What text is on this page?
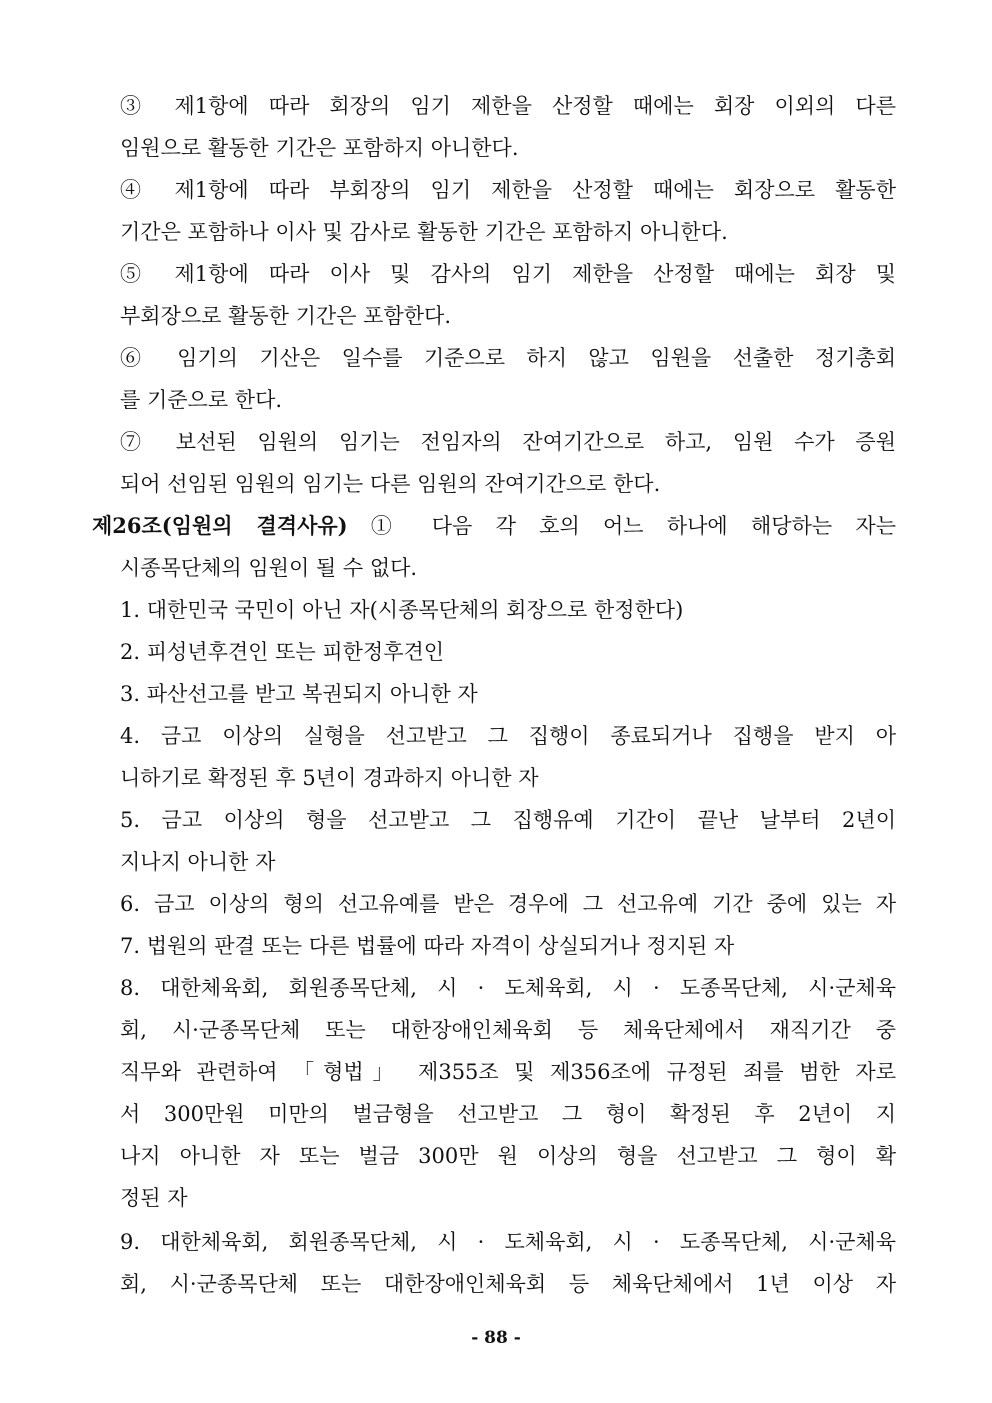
③ 제1항에 따라 회장의 임기 제한을 산정할 때에는 회장 이외의 다른
임원으로 활동한 기간은 포함하지 아니한다.
④ 제1항에 따라 부회장의 임기 제한을 산정할 때에는 회장으로 활동한
기간은 포함하나 이사 및 감사로 활동한 기간은 포함하지 아니한다.
⑤ 제1항에 따라 이사 및 감사의 임기 제한을 산정할 때에는 회장 및
부회장으로 활동한 기간은 포함한다.
⑥ 임기의 기산은 일수를 기준으로 하지 않고 임원을 선출한 정기총회
를 기준으로 한다.
⑦ 보선된 임원의 임기는 전임자의 잔여기간으로 하고, 임원 수가 증원
되어 선임된 임원의 임기는 다른 임원의 잔여기간으로 한다.
제26조(임원의 결격사유) ① 다음 각 호의 어느 하나에 해당하는 자는
시종목단체의 임원이 될 수 없다.
1. 대한민국 국민이 아닌 자(시종목단체의 회장으로 한정한다)
2. 피성년후견인 또는 피한정후견인
3. 파산선고를 받고 복권되지 아니한 자
4. 금고 이상의 실형을 선고받고 그 집행이 종료되거나 집행을 받지 아
니하기로 확정된 후 5년이 경과하지 아니한 자
5. 금고 이상의 형을 선고받고 그 집행유예 기간이 끝난 날부터 2년이
지나지 아니한 자
6. 금고 이상의 형의 선고유예를 받은 경우에 그 선고유예 기간 중에 있는 자
7. 법원의 판결 또는 다른 법률에 따라 자격이 상실되거나 정지된 자
8. 대한체육회, 회원종목단체, 시 · 도체육회, 시 · 도종목단체, 시·군체육
회, 시·군종목단체 또는 대한장애인체육회 등 체육단체에서 재직기간 중
직무와 관련하여 「형법」 제355조 및 제356조에 규정된 죄를 범한 자로
서 300만원 미만의 벌금형을 선고받고 그 형이 확정된 후 2년이 지
나지 아니한 자 또는 벌금 300만 원 이상의 형을 선고받고 그 형이 확
정된 자
9. 대한체육회, 회원종목단체, 시 · 도체육회, 시 · 도종목단체, 시·군체육
회, 시·군종목단체 또는 대한장애인체육회 등 체육단체에서 1년 이상 자
- 88 -
